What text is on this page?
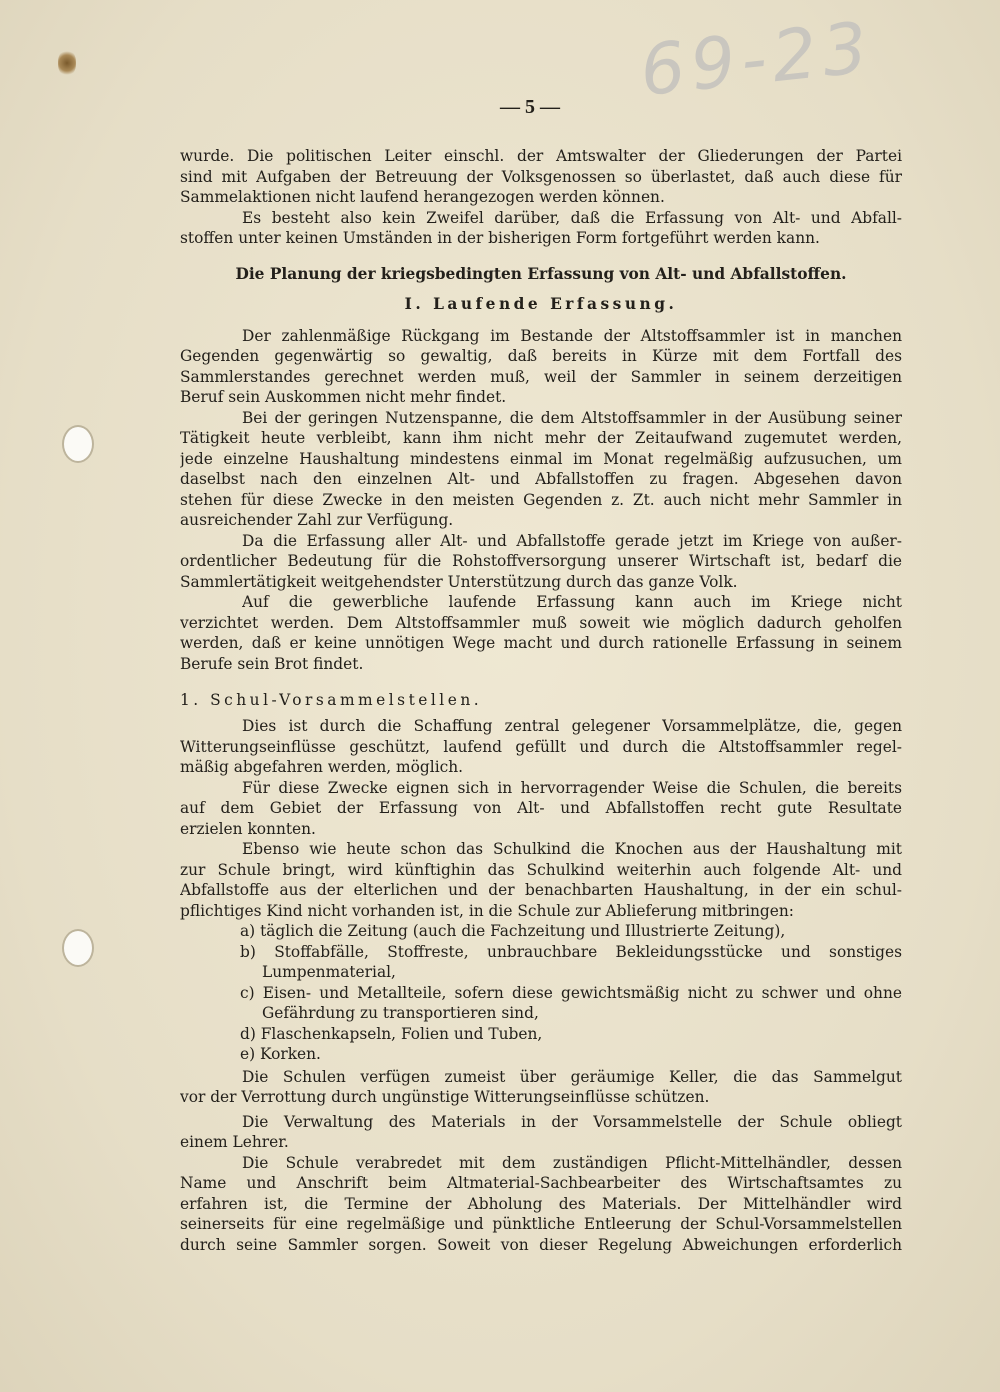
69-23
— 5 —
wurde. Die politischen Leiter einschl. der Amtswalter der Gliederungen der Partei
sind mit Aufgaben der Betreuung der Volksgenossen so überlastet, daß auch diese für
Sammelaktionen nicht laufend herangezogen werden können.
Es besteht also kein Zweifel darüber, daß die Erfassung von Alt- und Abfall-
stoffen unter keinen Umständen in der bisherigen Form fortgeführt werden kann.
Die Planung der kriegsbedingten Erfassung von Alt- und Abfallstoffen.
I. Laufende Erfassung.
Der zahlenmäßige Rückgang im Bestande der Altstoffsammler ist in manchen
Gegenden gegenwärtig so gewaltig, daß bereits in Kürze mit dem Fortfall des
Sammlerstandes gerechnet werden muß, weil der Sammler in seinem derzeitigen
Beruf sein Auskommen nicht mehr findet.
Bei der geringen Nutzenspanne, die dem Altstoffsammler in der Ausübung seiner
Tätigkeit heute verbleibt, kann ihm nicht mehr der Zeitaufwand zugemutet werden,
jede einzelne Haushaltung mindestens einmal im Monat regelmäßig aufzusuchen, um
daselbst nach den einzelnen Alt- und Abfallstoffen zu fragen. Abgesehen davon
stehen für diese Zwecke in den meisten Gegenden z. Zt. auch nicht mehr Sammler in
ausreichender Zahl zur Verfügung.
Da die Erfassung aller Alt- und Abfallstoffe gerade jetzt im Kriege von außer-
ordentlicher Bedeutung für die Rohstoffversorgung unserer Wirtschaft ist, bedarf die
Sammlertätigkeit weitgehendster Unterstützung durch das ganze Volk.
Auf die gewerbliche laufende Erfassung kann auch im Kriege nicht
verzichtet werden. Dem Altstoffsammler muß soweit wie möglich dadurch geholfen
werden, daß er keine unnötigen Wege macht und durch rationelle Erfassung in seinem
Berufe sein Brot findet.
1. Schul-Vorsammelstellen.
Dies ist durch die Schaffung zentral gelegener Vorsammelplätze, die, gegen
Witterungseinflüsse geschützt, laufend gefüllt und durch die Altstoffsammler regel-
mäßig abgefahren werden, möglich.
Für diese Zwecke eignen sich in hervorragender Weise die Schulen, die bereits
auf dem Gebiet der Erfassung von Alt- und Abfallstoffen recht gute Resultate
erzielen konnten.
Ebenso wie heute schon das Schulkind die Knochen aus der Haushaltung mit
zur Schule bringt, wird künftighin das Schulkind weiterhin auch folgende Alt- und
Abfallstoffe aus der elterlichen und der benachbarten Haushaltung, in der ein schul-
pflichtiges Kind nicht vorhanden ist, in die Schule zur Ablieferung mitbringen:
a) täglich die Zeitung (auch die Fachzeitung und Illustrierte Zeitung),
b) Stoffabfälle, Stoffreste, unbrauchbare Bekleidungsstücke und sonstiges
Lumpenmaterial,
c) Eisen- und Metallteile, sofern diese gewichtsmäßig nicht zu schwer und ohne
Gefährdung zu transportieren sind,
d) Flaschenkapseln, Folien und Tuben,
e) Korken.
Die Schulen verfügen zumeist über geräumige Keller, die das Sammelgut
vor der Verrottung durch ungünstige Witterungseinflüsse schützen.
Die Verwaltung des Materials in der Vorsammelstelle der Schule obliegt
einem Lehrer.
Die Schule verabredet mit dem zuständigen Pflicht-Mittelhändler, dessen
Name und Anschrift beim Altmaterial-Sachbearbeiter des Wirtschaftsamtes zu
erfahren ist, die Termine der Abholung des Materials. Der Mittelhändler wird
seinerseits für eine regelmäßige und pünktliche Entleerung der Schul-Vorsammelstellen
durch seine Sammler sorgen. Soweit von dieser Regelung Abweichungen erforderlich
